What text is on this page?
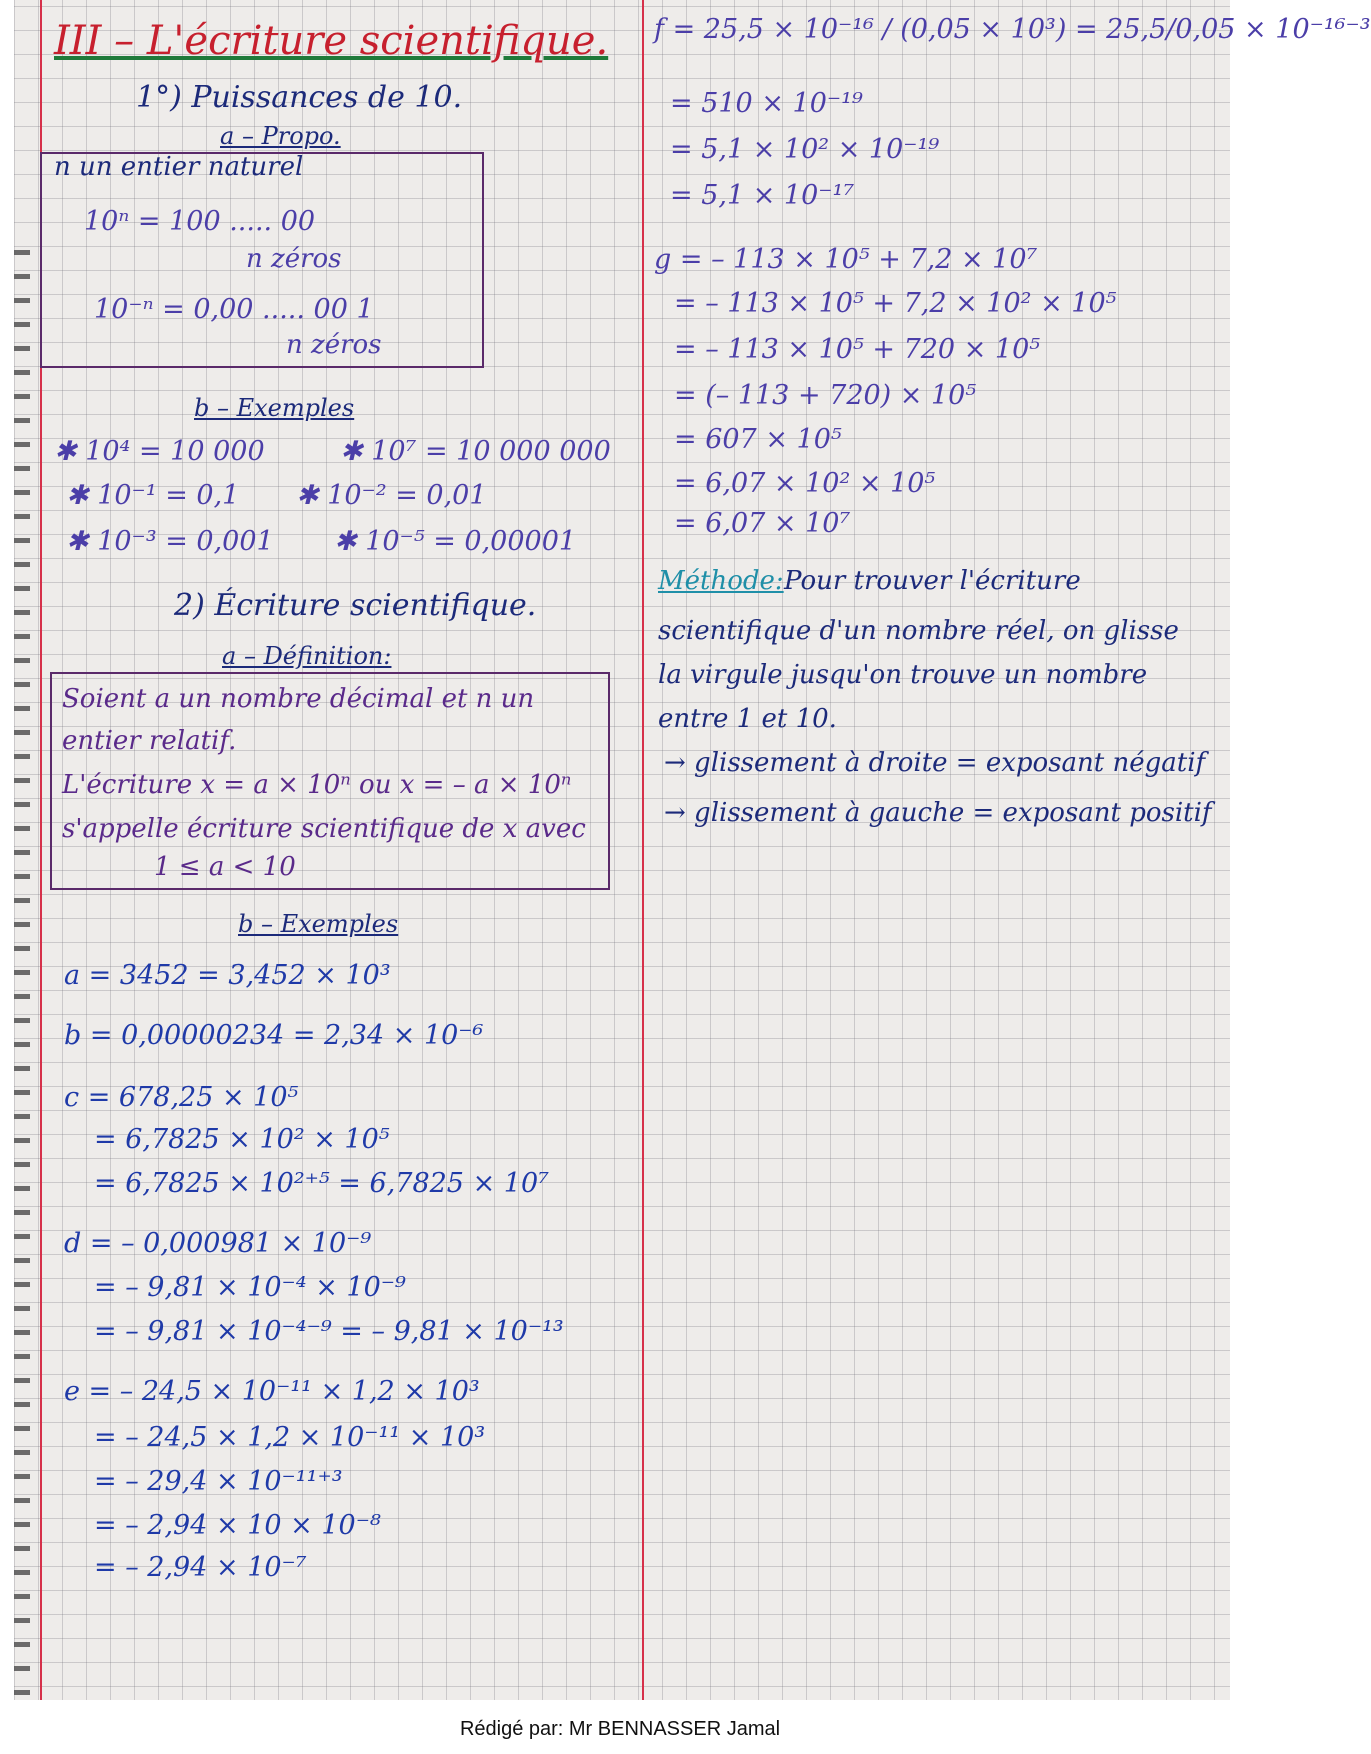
III – L'écriture scientifique.
1°) Puissances de 10.
a – Propo.
n un entier naturel
10ⁿ = 100 ..... 00
n zéros
10⁻ⁿ = 0,00 ..... 00 1
n zéros
b – Exemples
✱ 10⁴ = 10 000	✱ 10⁷ = 10 000 000
✱ 10⁻¹ = 0,1 ✱ 10⁻² = 0,01
✱ 10⁻³ = 0,001 ✱ 10⁻⁵ = 0,00001
2) Écriture scientifique.
a – Définition:
Soient a un nombre décimal et n un
entier relatif.
L'écriture x = a × 10ⁿ ou x = – a × 10ⁿ
s'appelle écriture scientifique de x avec
1 ≤ a < 10
b – Exemples
a = 3452 = 3,452 × 10³
b = 0,00000234 = 2,34 × 10⁻⁶
c = 678,25 × 10⁵
= 6,7825 × 10² × 10⁵
= 6,7825 × 10²⁺⁵ = 6,7825 × 10⁷
d = – 0,000981 × 10⁻⁹
= – 9,81 × 10⁻⁴ × 10⁻⁹
= – 9,81 × 10⁻⁴⁻⁹ = – 9,81 × 10⁻¹³
e = – 24,5 × 10⁻¹¹ × 1,2 × 10³
= – 24,5 × 1,2 × 10⁻¹¹ × 10³
= – 29,4 × 10⁻¹¹⁺³
= – 2,94 × 10 × 10⁻⁸
= – 2,94 × 10⁻⁷
f = 25,5 × 10⁻¹⁶ / (0,05 × 10³) = 25,5/0,05 × 10⁻¹⁶⁻³
= 510 × 10⁻¹⁹
= 5,1 × 10² × 10⁻¹⁹
= 5,1 × 10⁻¹⁷
g = – 113 × 10⁵ + 7,2 × 10⁷
= – 113 × 10⁵ + 7,2 × 10² × 10⁵
= – 113 × 10⁵ + 720 × 10⁵
= (– 113 + 720) × 10⁵
= 607 × 10⁵
= 6,07 × 10² × 10⁵
= 6,07 × 10⁷
Méthode: Pour trouver l'écriture
scientifique d'un nombre réel, on glisse
la virgule jusqu'on trouve un nombre
entre 1 et 10.
→ glissement à droite = exposant négatif
→ glissement à gauche = exposant positif
Rédigé par: Mr BENNASSER Jamal
